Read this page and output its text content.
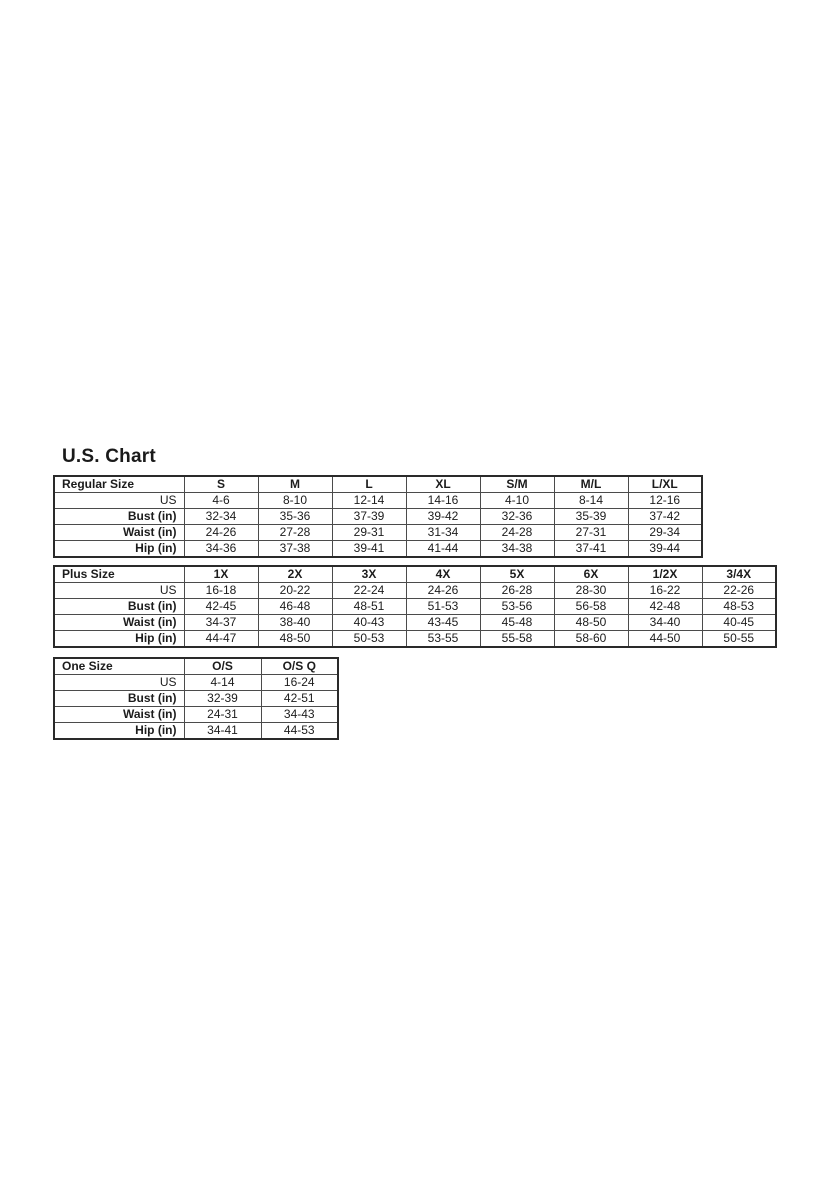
U.S. Chart
Regular Size	S	M	L	XL	S/M	M/L	L/XL
US	4-6	8-10	12-14	14-16	4-10	8-14	12-16
Bust (in)	32-34	35-36	37-39	39-42	32-36	35-39	37-42
Waist (in)	24-26	27-28	29-31	31-34	24-28	27-31	29-34
Hip (in)	34-36	37-38	39-41	41-44	34-38	37-41	39-44
Plus Size	1X	2X	3X	4X	5X	6X	1/2X	3/4X
US	16-18	20-22	22-24	24-26	26-28	28-30	16-22	22-26
Bust (in)	42-45	46-48	48-51	51-53	53-56	56-58	42-48	48-53
Waist (in)	34-37	38-40	40-43	43-45	45-48	48-50	34-40	40-45
Hip (in)	44-47	48-50	50-53	53-55	55-58	58-60	44-50	50-55
One Size	O/S	O/S Q
US	4-14	16-24
Bust (in)	32-39	42-51
Waist (in)	24-31	34-43
Hip (in)	34-41	44-53
